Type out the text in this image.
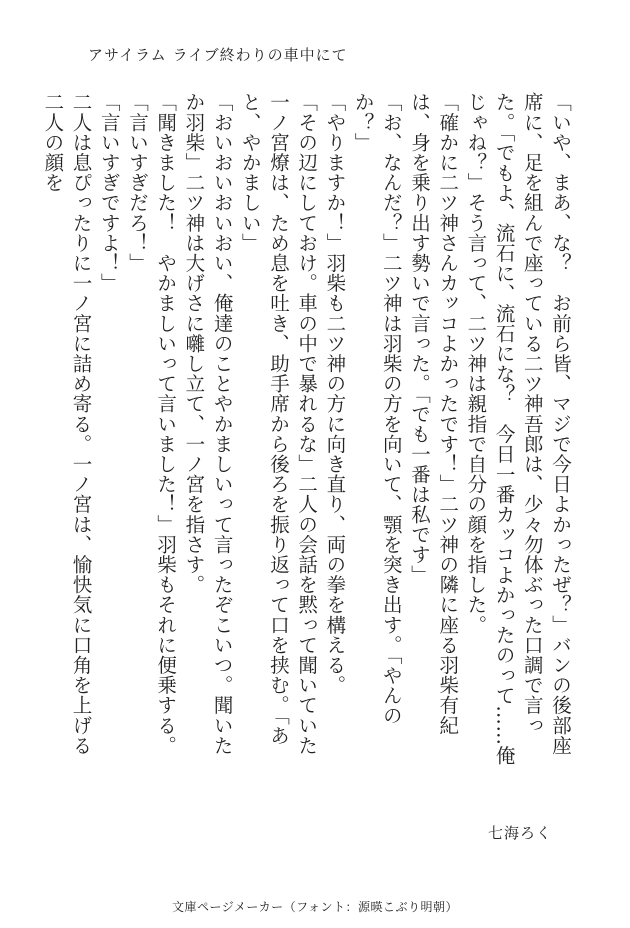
アサイラム ライブ終わりの車中にて

「いや、まあ、な？　お前ら皆、マジで今日よかったぜ？」バンの後部座席に、足を組んで座っている二ツ神吾郎は、少々勿体ぶった口調で言った。「でもよ、流石に、流石にな？　今日一番カッコよかったのって……俺じゃね？」そう言って、二ツ神は親指で自分の顔を指した。

「確かに二ツ神さんカッコよかったです！」二ツ神の隣に座る羽柴有紀は、身を乗り出す勢いで言った。「でも一番は私です」

「お、なんだ？」二ツ神は羽柴の方を向いて、顎を突き出す。「やんのか？」

「やりますか！」羽柴も二ツ神の方に向き直り、両の拳を構える。

「その辺にしておけ。車の中で暴れるな」二人の会話を黙って聞いていた一ノ宮燎は、ため息を吐き、助手席から後ろを振り返って口を挟む。「あと、やかましい」

「おいおいおいおい、俺達のことやかましいって言ったぞこいつ。聞いたか羽柴」二ツ神は大げさに囃し立て、一ノ宮を指さす。

「聞きました！　やかましいって言いました！」羽柴もそれに便乗する。

「言いすぎだろ！」

「言いすぎですよ！」

二人は息ぴったりに一ノ宮に詰め寄る。一ノ宮は、愉快気に口角を上げる二人の顔を

七海ろく
文庫ページメーカー（フォント：源暎こぶり明朝）
